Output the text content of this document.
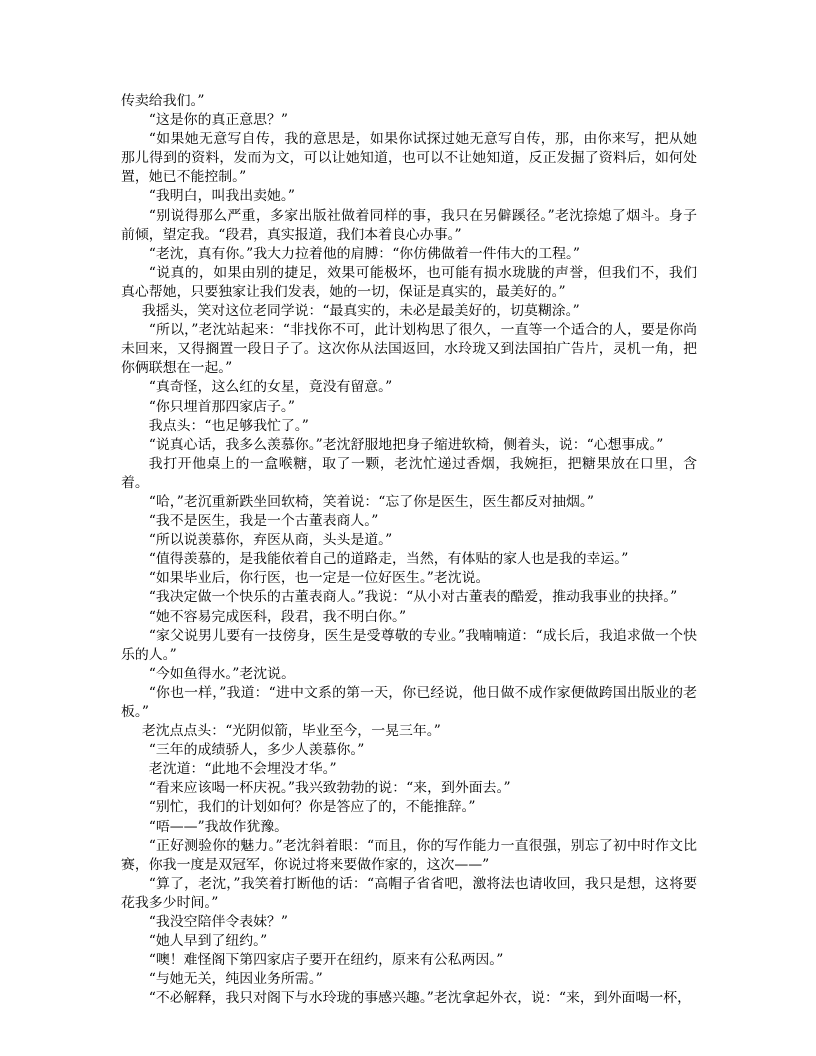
传卖给我们。”

“这是你的真正意思？”

“如果她无意写自传，我的意思是，如果你试探过她无意写自传，那，由你来写，把从她那儿得到的资料，发而为文，可以让她知道，也可以不让她知道，反正发掘了资料后，如何处置，她已不能控制。”

“我明白，叫我出卖她。”

“别说得那么严重，多家出版社做着同样的事，我只在另僻蹊径。”老沈捺熄了烟斗。身子前倾，望定我。“段君，真实报道，我们本着良心办事。”

“老沈，真有你。”我大力拉着他的肩膊：“你仿佛做着一件伟大的工程。”

“说真的，如果由别的捷足，效果可能极坏，也可能有损水珑胧的声誉，但我们不，我们真心帮她，只要独家让我们发表，她的一切，保证是真实的，最美好的。”

我摇头，笑对这位老同学说：“最真实的，未必是最美好的，切莫糊涂。”

“所以，”老沈站起来：“非找你不可，此计划构思了很久，一直等一个适合的人，要是你尚未回来，又得搁置一段日子了。这次你从法国返回，水玲珑又到法国拍广告片，灵机一角，把你俩联想在一起。”

“真奇怪，这么红的女星，竟没有留意。”

“你只埋首那四家店子。”

我点头：“也足够我忙了。”

“说真心话，我多么羡慕你。”老沈舒服地把身子缩进软椅，侧着头，说：“心想事成。”

我打开他桌上的一盒喉糖，取了一颗，老沈忙递过香烟，我婉拒，把糖果放在口里，含着。

“哈，”老沉重新跌坐回软椅，笑着说：“忘了你是医生，医生都反对抽烟。”

“我不是医生，我是一个古董表商人。”

“所以说羡慕你，弃医从商，头头是道。”

“值得羡慕的，是我能依着自己的道路走，当然，有体贴的家人也是我的幸运。”

“如果毕业后，你行医，也一定是一位好医生。”老沈说。

“我决定做一个快乐的古董表商人。”我说：“从小对古董表的酷爱，推动我事业的抉择。”

“她不容易完成医科，段君，我不明白你。”

“家父说男儿要有一技傍身，医生是受尊敬的专业。”我喃喃道：“成长后，我追求做一个快乐的人。”

“今如鱼得水。”老沈说。

“你也一样，”我道：“进中文系的第一天，你已经说，他日做不成作家便做跨国出版业的老板。”

老沈点点头：“光阴似箭，毕业至今，一晃三年。”

“三年的成绩骄人，多少人羡慕你。”

老沈道：“此地不会埋没才华。”

“看来应该喝一杯庆祝。”我兴致勃勃的说：“来，到外面去。”

“别忙，我们的计划如何？你是答应了的，不能推辞。”

“唔——”我故作犹豫。

“正好测验你的魅力。”老沈斜着眼：“而且，你的写作能力一直很强，别忘了初中时作文比赛，你我一度是双冠军，你说过将来要做作家的，这次——”

“算了，老沈，”我笑着打断他的话：“高帽子省省吧，激将法也请收回，我只是想，这将要花我多少时间。”

“我没空陪伴令表妹？”

“她人早到了纽约。”

“噢！难怪阁下第四家店子要开在纽约，原来有公私两因。”

“与她无关，纯因业务所需。”

“不必解释，我只对阁下与水玲珑的事感兴趣。”老沈拿起外衣，说：“来，到外面喝一杯，
